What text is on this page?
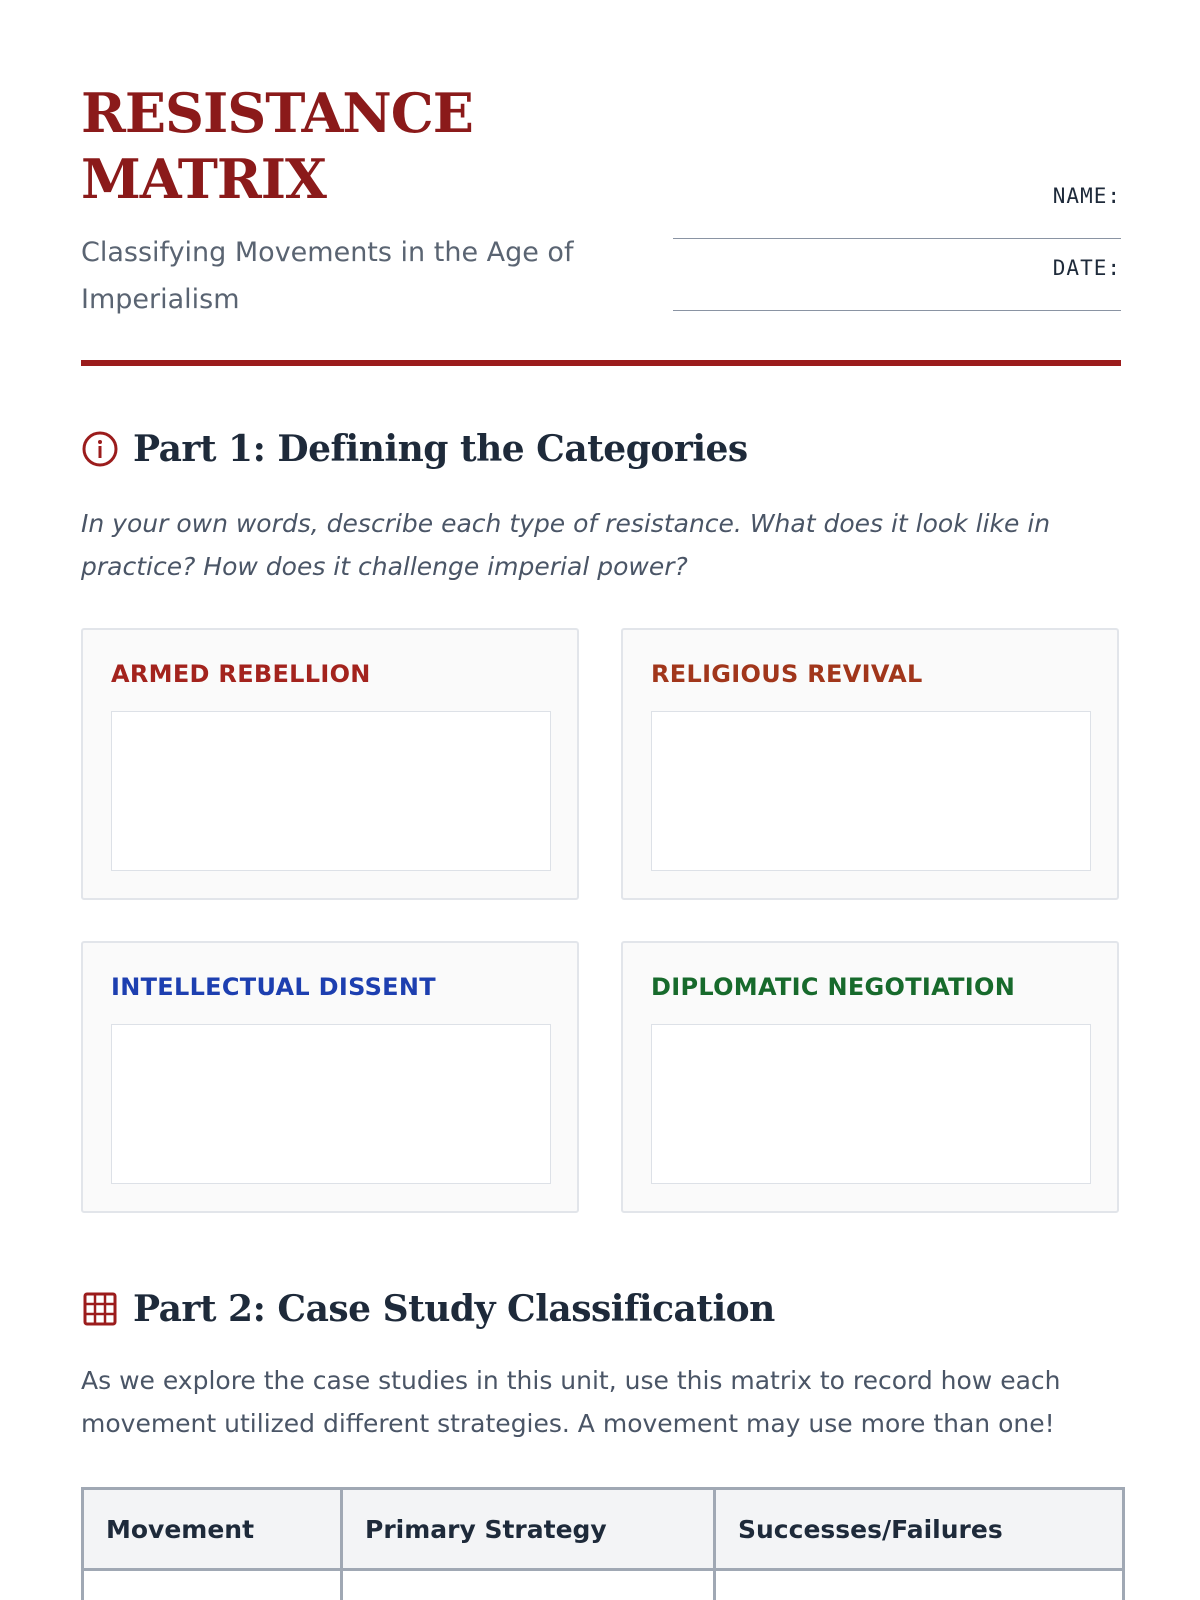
RESISTANCE
MATRIX

Classifying Movements in the Age of Imperialism

NAME:
DATE:
Part 1: Defining the Categories

In your own words, describe each type of resistance. What does it look like in practice? How does it challenge imperial power?

ARMED REBELLION	RELIGIOUS REVIVAL
INTELLECTUAL DISSENT	DIPLOMATIC NEGOTIATION
Part 2: Case Study Classification

As we explore the case studies in this unit, use this matrix to record how each movement utilized different strategies. A movement may use more than one!

Movement	Primary Strategy	Successes/Failures
